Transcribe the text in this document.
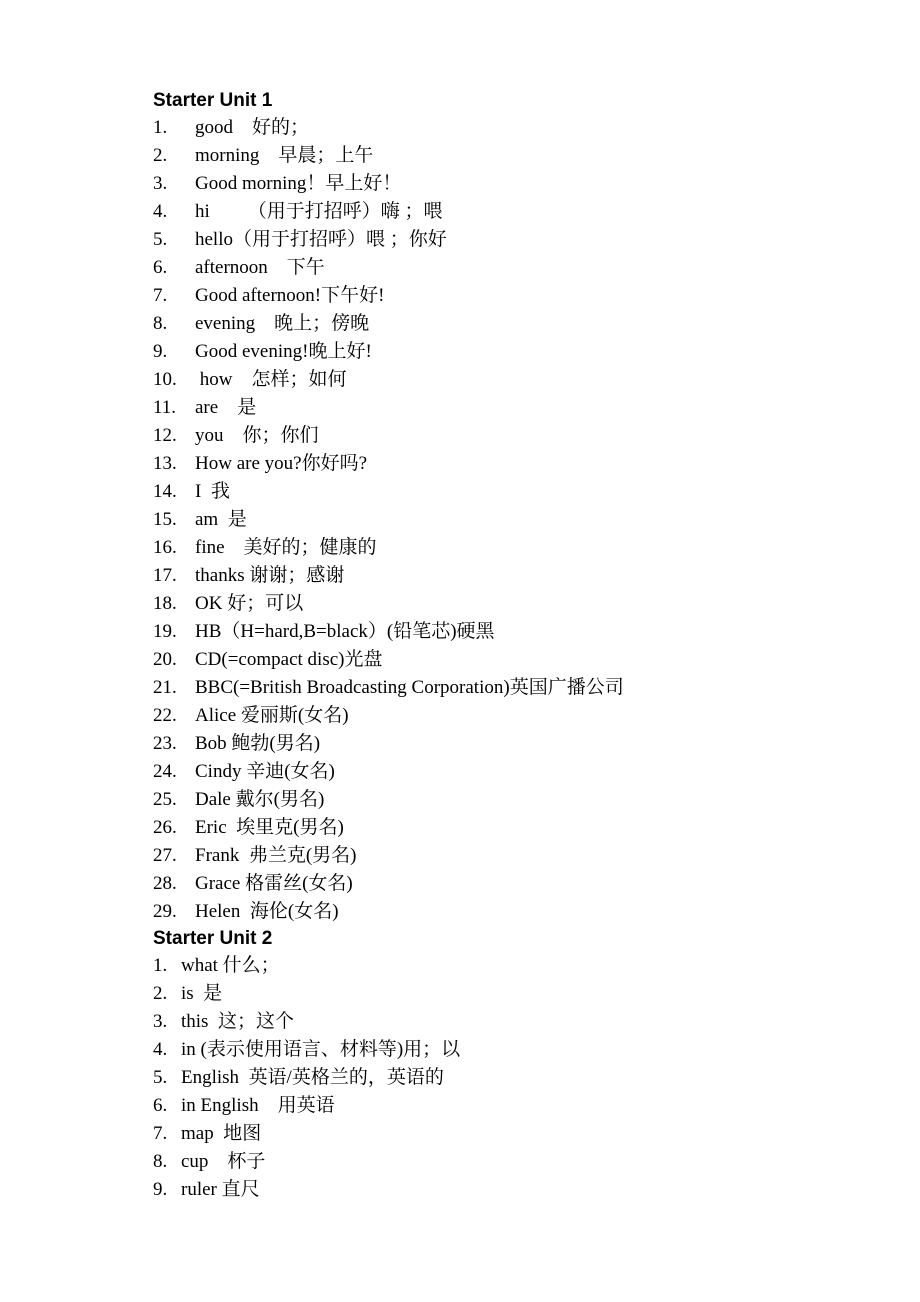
Starter Unit 1
1. good    好的；
2. morning    早晨；上午
3. Good morning！早上好！
4. hi        （用于打招呼）嗨 ；喂
5. hello（用于打招呼）喂 ；你好
6. afternoon    下午
7. Good afternoon!下午好!
8. evening    晚上；傍晚
9. Good evening!晚上好!
10. how    怎样；如何
11. are    是
12. you    你；你们
13. How are you?你好吗?
14. I  我
15. am  是
16. fine    美好的；健康的
17. thanks 谢谢；感谢
18. OK 好；可以
19. HB（H=hard,B=black）(铅笔芯)硬黑
20. CD(=compact disc)光盘
21. BBC(=British Broadcasting Corporation)英国广播公司
22. Alice 爱丽斯(女名)
23. Bob 鲍勃(男名)
24. Cindy 辛迪(女名)
25. Dale 戴尔(男名)
26. Eric  埃里克(男名)
27. Frank  弗兰克(男名)
28. Grace 格雷丝(女名)
29. Helen  海伦(女名)
Starter Unit 2
1. what 什么；
2. is  是
3. this  这；这个
4. in (表示使用语言、材料等)用；以
5. English  英语/英格兰的，英语的
6. in English    用英语
7. map  地图
8. cup    杯子
9. ruler 直尺
